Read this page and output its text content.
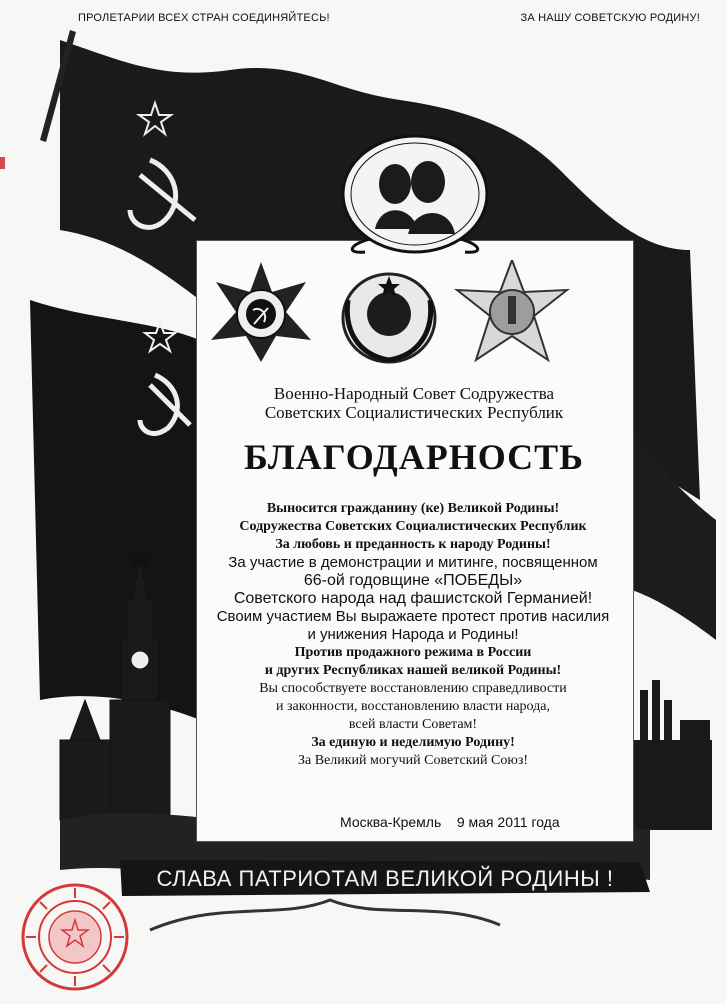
ПРОЛЕТАРИИ ВСЕХ СТРАН СОЕДИНЯЙТЕСЬ!	ЗА НАШУ СОВЕТСКУЮ РОДИНУ!
Военно-Народный Совет Содружества
Советских Социалистических Республик
БЛАГОДАРНОСТЬ
Выносится гражданину (ке) Великой Родины!
Содружества Советских Социалистических Республик
За любовь и преданность к народу Родины!
За участие в демонстрации и митинге, посвященном
66-ой годовщине «ПОБЕДЫ»
Советского народа над фашистской Германией!
Своим участием Вы выражаете протест против насилия
и унижения Народа и Родины!
Против продажного режима в России
и других Республиках нашей великой Родины!
Вы способствуете восстановлению справедливости
и законности, восстановлению власти народа,
всей власти Советам!
За единую и неделимую Родину!
За Великий могучий Советский Союз!
Москва-Кремль 9 мая 2011 года
СЛАВА ПАТРИОТАМ ВЕЛИКОЙ РОДИНЫ !
